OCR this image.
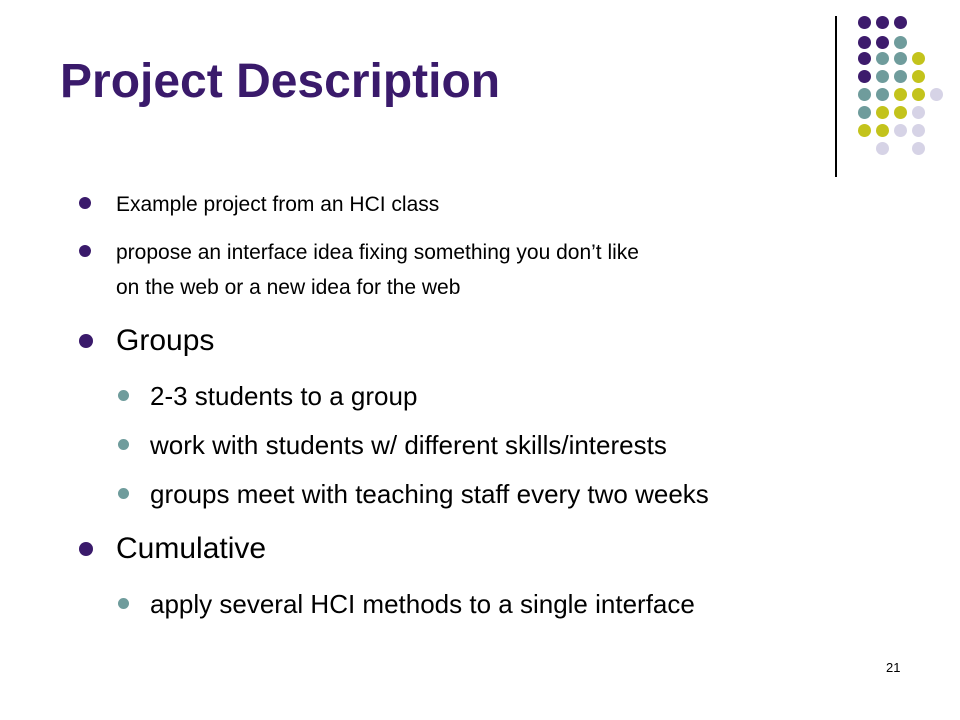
Project Description
Example project from an HCI class
propose an interface idea fixing something you don’t like
on the web or a new idea for the web
Groups
2-3 students to a group
work with students w/ different skills/interests
groups meet with teaching staff every two weeks
Cumulative
apply several HCI methods to a single interface
21
